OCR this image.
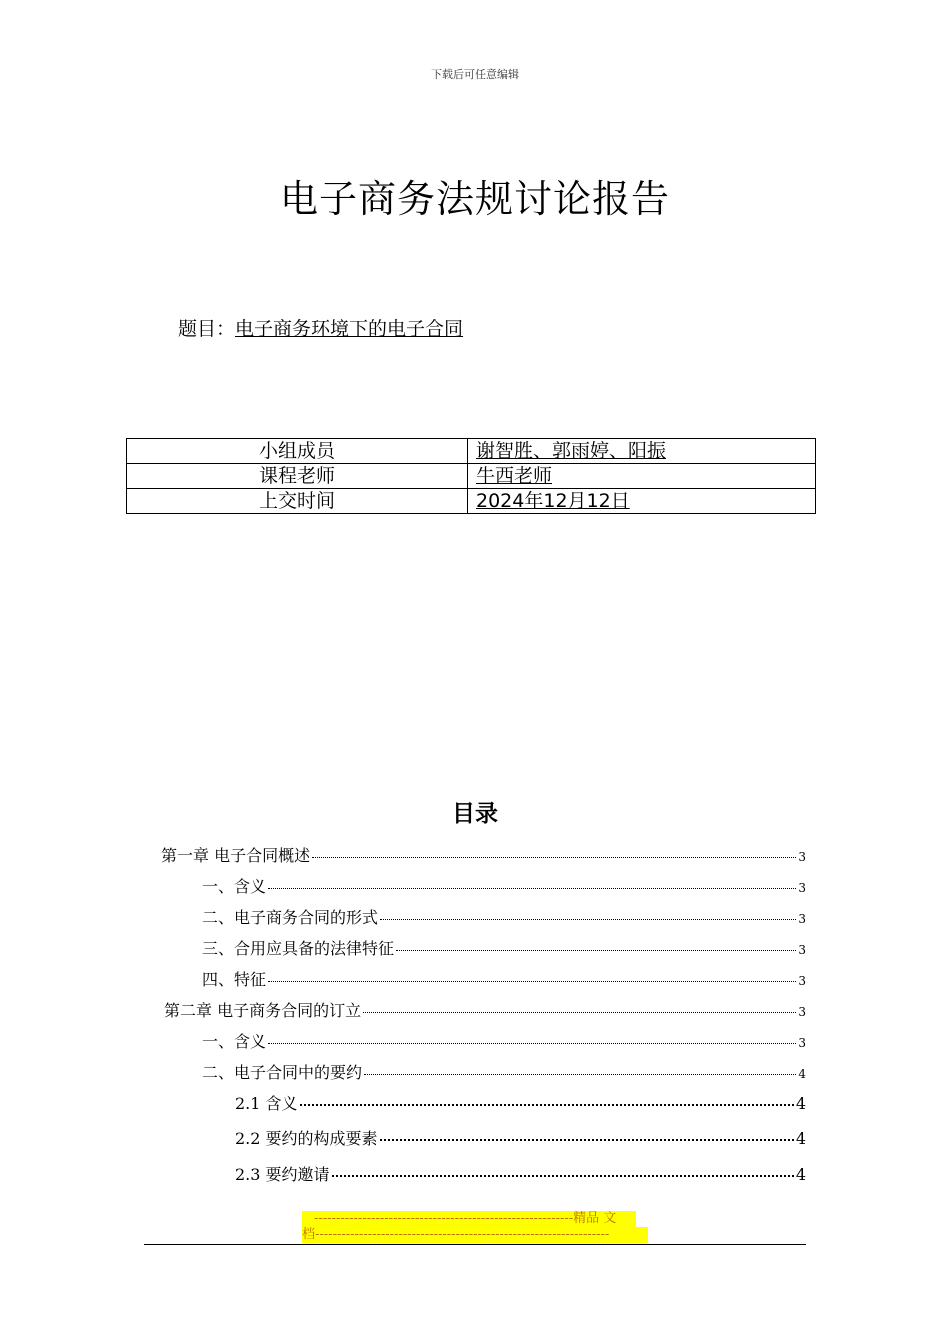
下载后可任意编辑
电子商务法规讨论报告
题目：电子商务环境下的电子合同
小组成员	谢智胜、郭雨婷、阳振
课程老师	牛西老师
上交时间	2024年12月12日
目录
第一章 电子合同概述	3
一、含义	3
二、电子商务合同的形式	3
三、合用应具备的法律特征	3
四、特征	3
第二章 电子商务合同的订立	3
一、含义	3
二、电子合同中的要约	4
2.1 含义	4
2.2 要约的构成要素	4
2.3 要约邀请	4
-----------------------------------------------------------精品 文
档-------------------------------------------------------------------
